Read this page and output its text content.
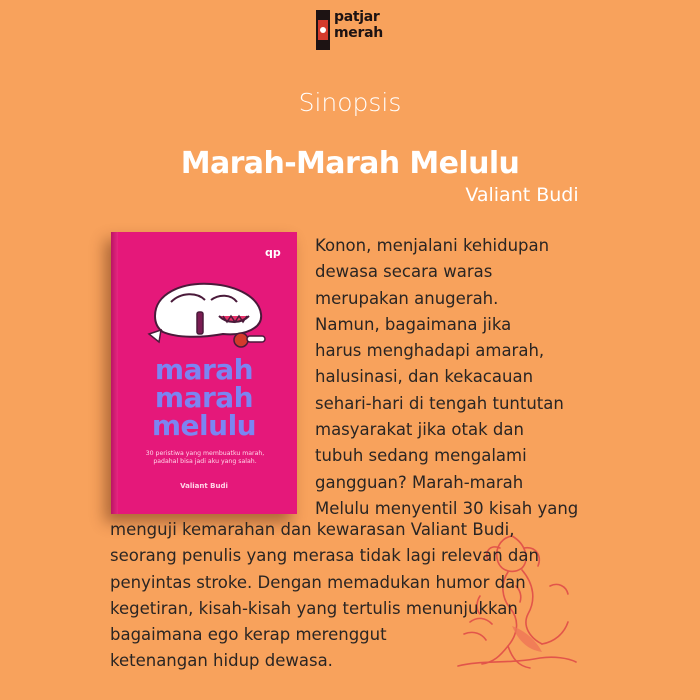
patjar
merah
Sinopsis
Marah-Marah Melulu
Valiant Budi
qp
marah
marah
melulu
30 peristiwa yang membuatku marah,
padahal bisa jadi aku yang salah.
Valiant Budi
Konon, menjalani kehidupan
dewasa secara waras
merupakan anugerah.
Namun, bagaimana jika
harus menghadapi amarah,
halusinasi, dan kekacauan
sehari-hari di tengah tuntutan
masyarakat jika otak dan
tubuh sedang mengalami
gangguan? Marah-marah
Melulu menyentil 30 kisah yang
menguji kemarahan dan kewarasan Valiant Budi,
seorang penulis yang merasa tidak lagi relevan dan
penyintas stroke. Dengan memadukan humor dan
kegetiran, kisah-kisah yang tertulis menunjukkan
bagaimana ego kerap merenggut
ketenangan hidup dewasa.
